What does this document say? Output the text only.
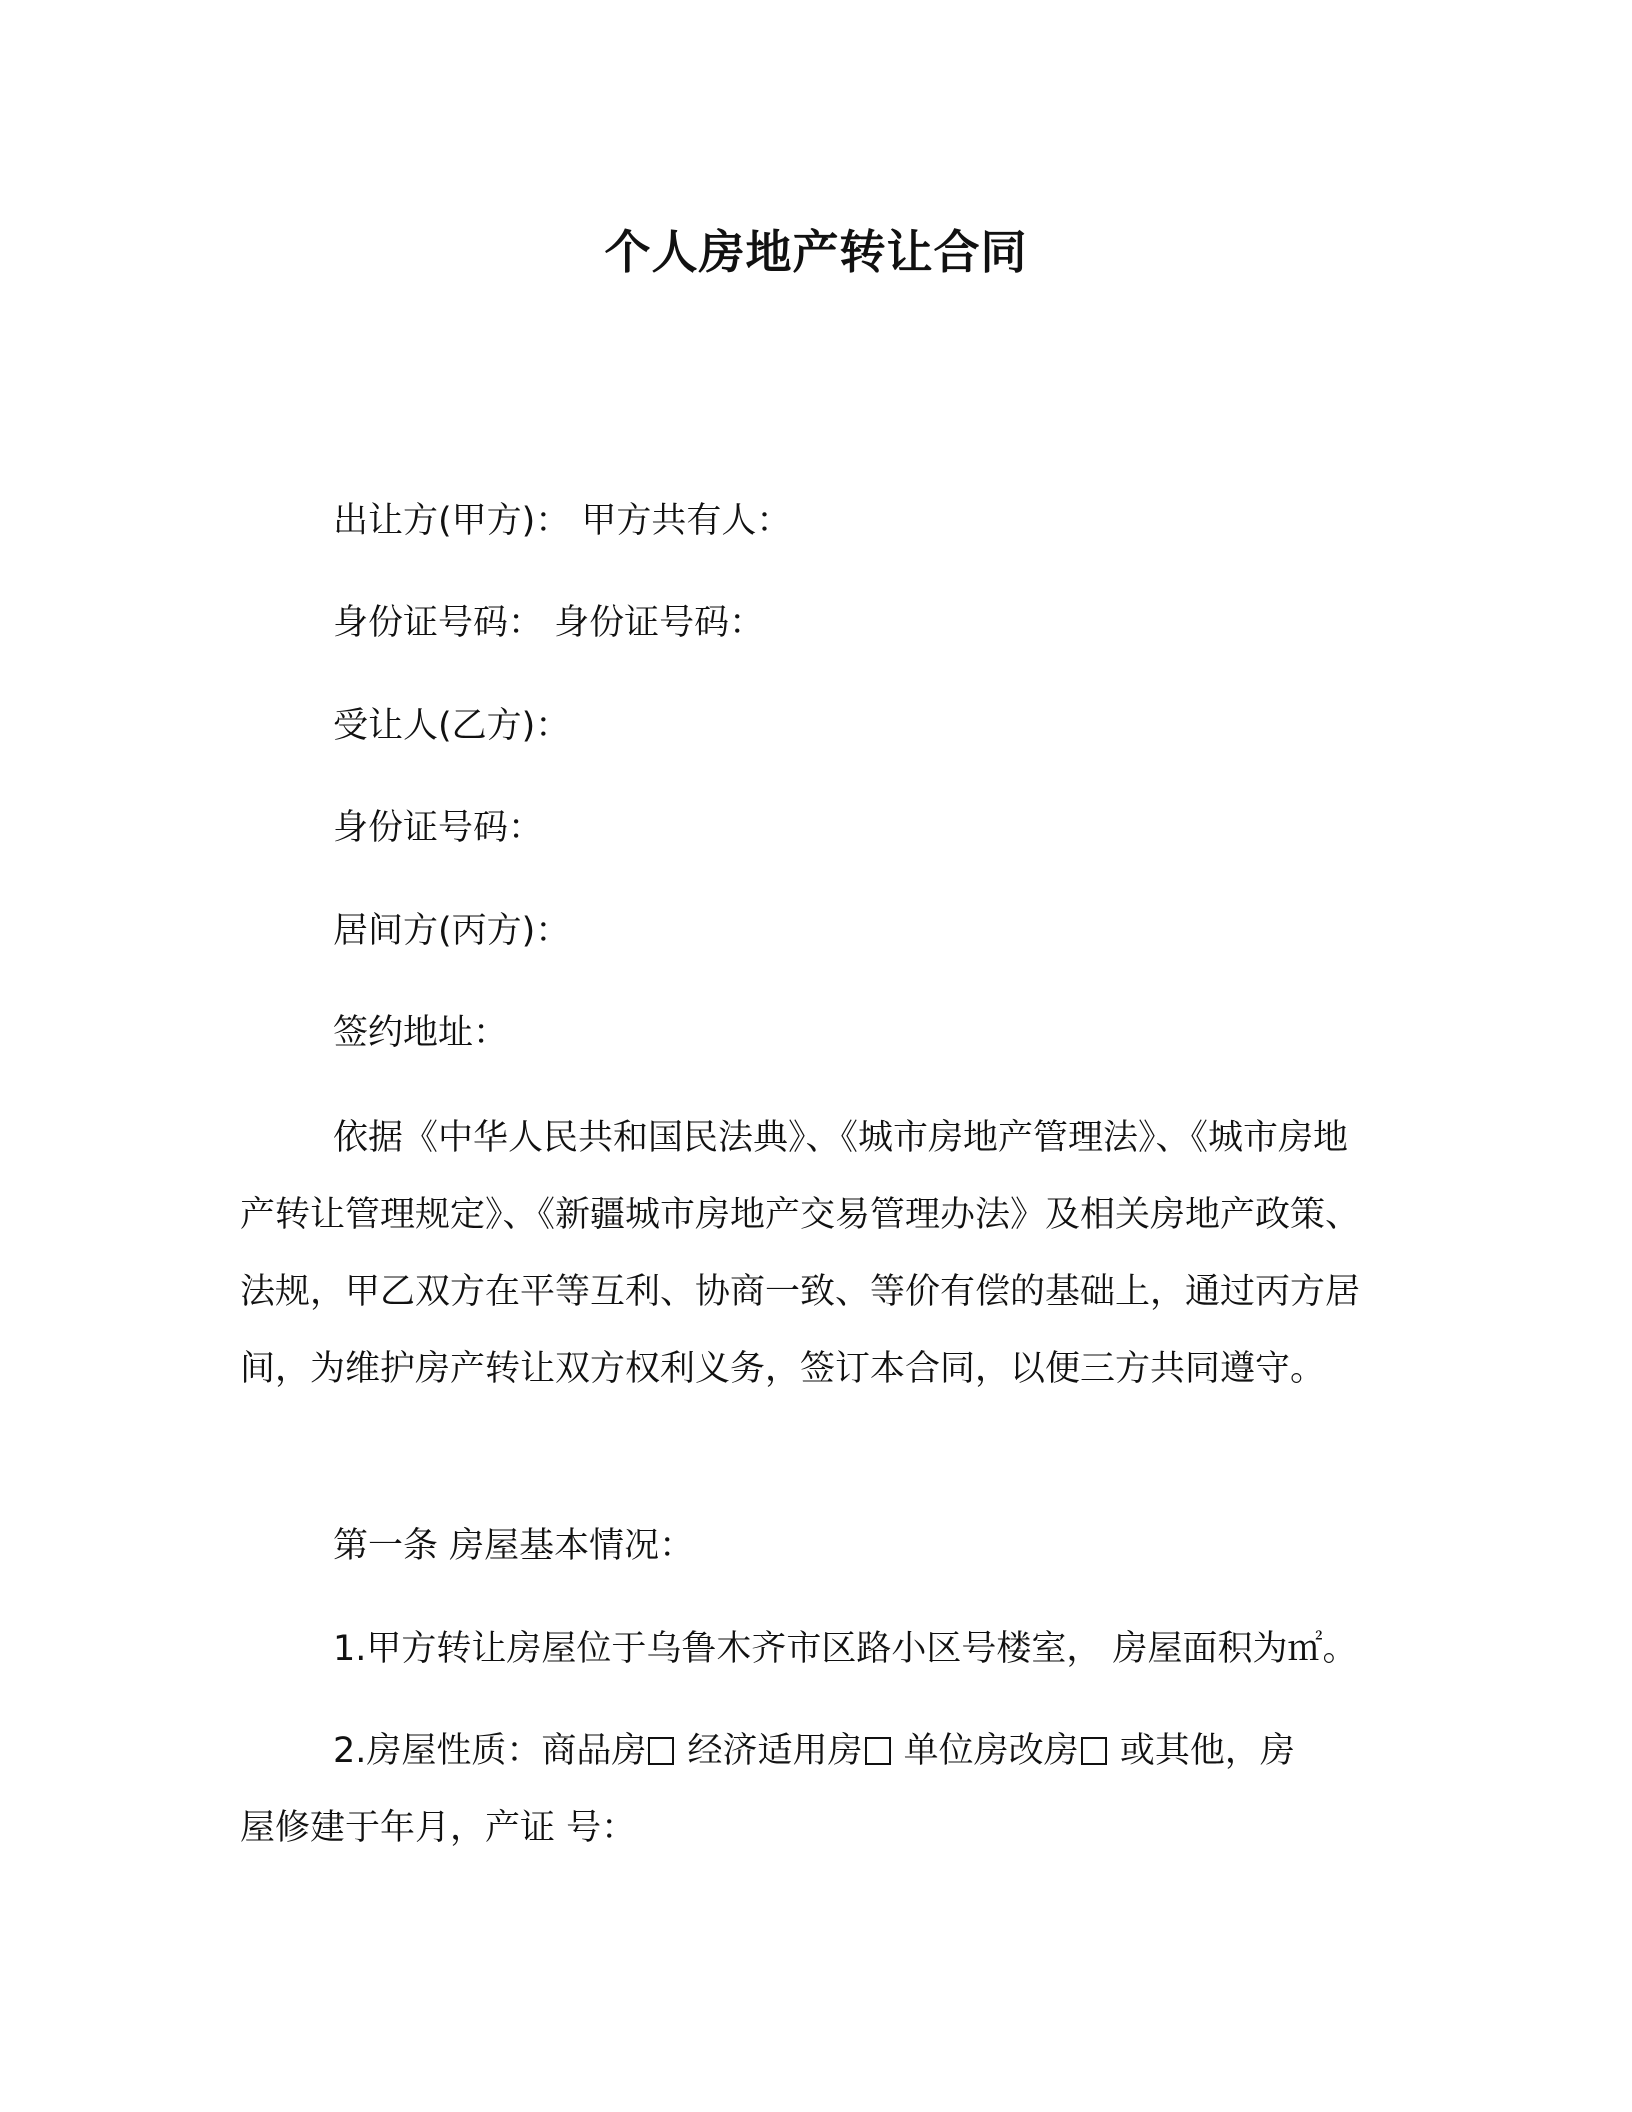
个人房地产转让合同
出让方(甲方)： 甲方共有人：
身份证号码： 身份证号码：
受让人(乙方)：
身份证号码：
居间方(丙方)：
签约地址：

依据《中华人民共和国民法典》、《城市房地产管理法》、《城市房地产转让管理规定》、《新疆城市房地产交易管理办法》及相关房地产政策、法规，甲乙双方在平等互利、协商一致、等价有偿的基础上，通过丙方居间，为维护房产转让双方权利义务，签订本合同，以便三方共同遵守。

第一条 房屋基本情况：
1.甲方转让房屋位于乌鲁木齐市区路小区号楼室， 房屋面积为㎡。
2.房屋性质：商品房 经济适用房 单位房改房 或其他，房
屋修建于年月，产证 号：
